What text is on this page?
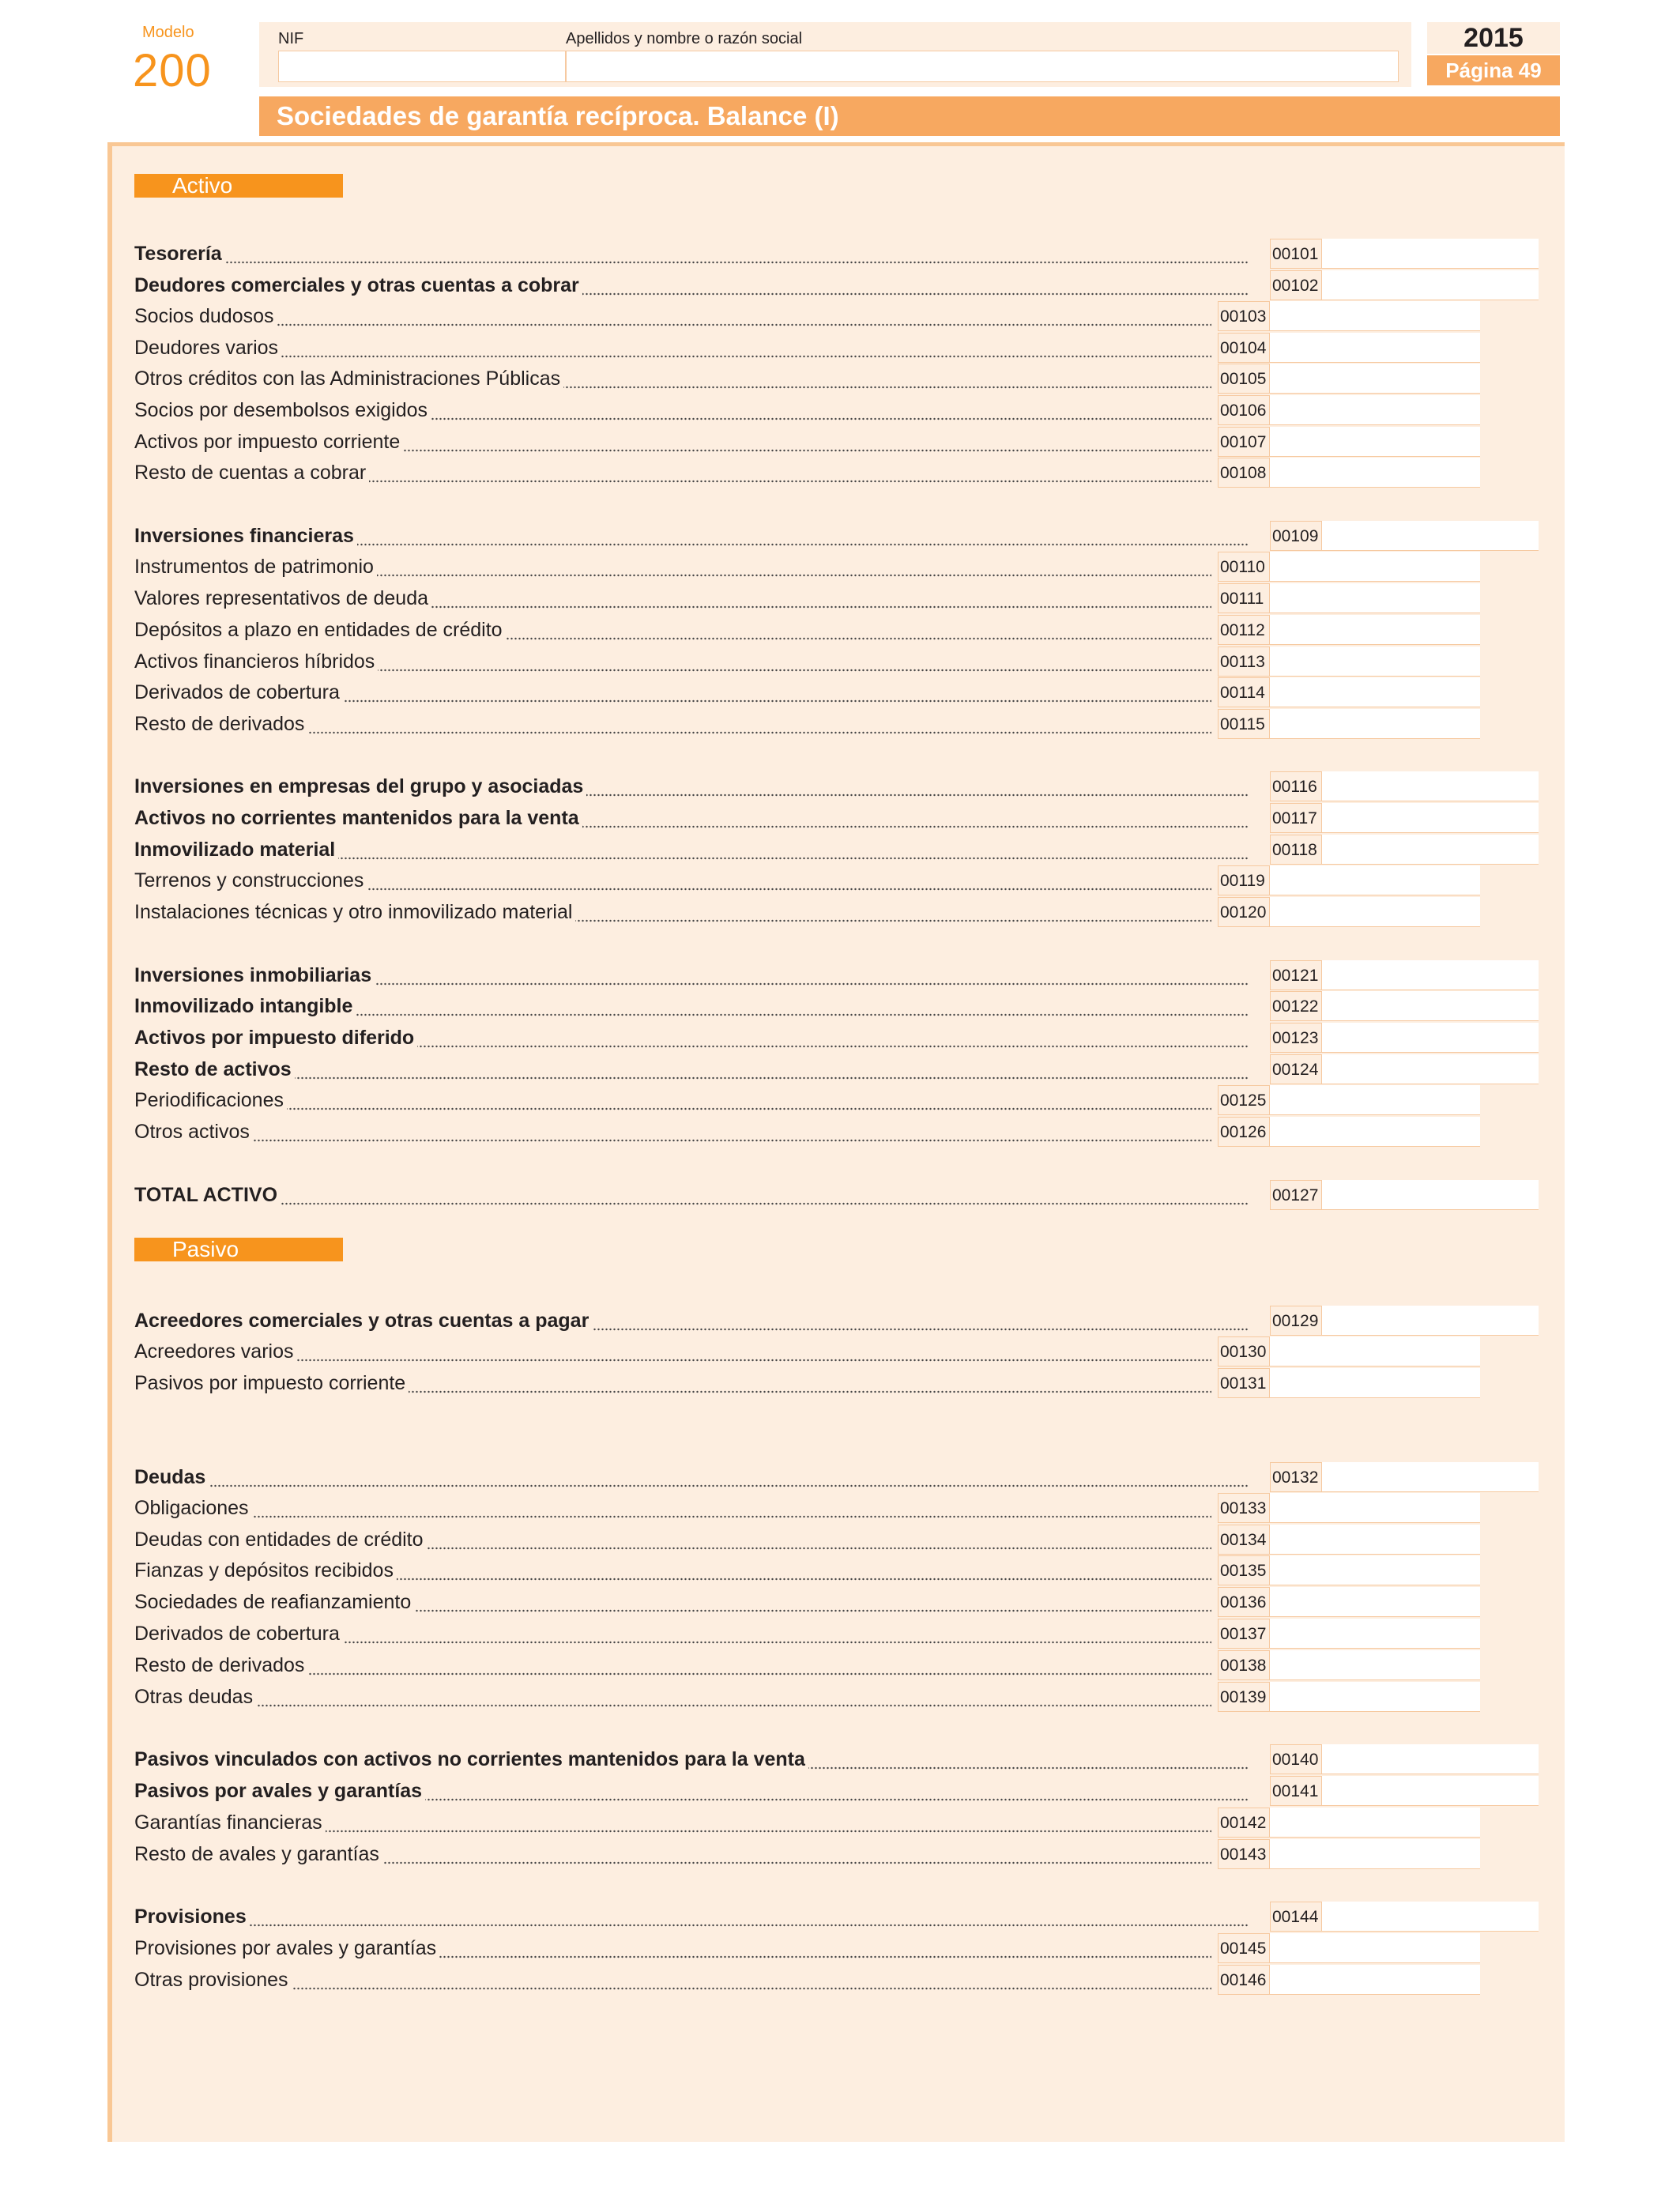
Modelo
200
NIF	Apellidos y nombre o razón social	2015
Página 49
Sociedades de garantía recíproca. Balance (I)
Activo
Pasivo
Tesorería	00101
Deudores comerciales y otras cuentas a cobrar	00102
Socios dudosos	00103
Deudores varios	00104
Otros créditos con las Administraciones Públicas	00105
Socios por desembolsos exigidos	00106
Activos por impuesto corriente	00107
Resto de cuentas a cobrar	00108
Inversiones financieras	00109
Instrumentos de patrimonio	00110
Valores representativos de deuda	00111
Depósitos a plazo en entidades de crédito	00112
Activos financieros híbridos	00113
Derivados de cobertura	00114
Resto de derivados	00115
Inversiones en empresas del grupo y asociadas	00116
Activos no corrientes mantenidos para la venta	00117
Inmovilizado material	00118
Terrenos y construcciones	00119
Instalaciones técnicas y otro inmovilizado material	00120
Inversiones inmobiliarias	00121
Inmovilizado intangible	00122
Activos por impuesto diferido	00123
Resto de activos	00124
Periodificaciones	00125
Otros activos	00126
TOTAL ACTIVO	00127
Acreedores comerciales y otras cuentas a pagar	00129
Acreedores varios	00130
Pasivos por impuesto corriente	00131
Deudas	00132
Obligaciones	00133
Deudas con entidades de crédito	00134
Fianzas y depósitos recibidos	00135
Sociedades de reafianzamiento	00136
Derivados de cobertura	00137
Resto de derivados	00138
Otras deudas	00139
Pasivos vinculados con activos no corrientes mantenidos para la venta	00140
Pasivos por avales y garantías	00141
Garantías financieras	00142
Resto de avales y garantías	00143
Provisiones	00144
Provisiones por avales y garantías	00145
Otras provisiones	00146
